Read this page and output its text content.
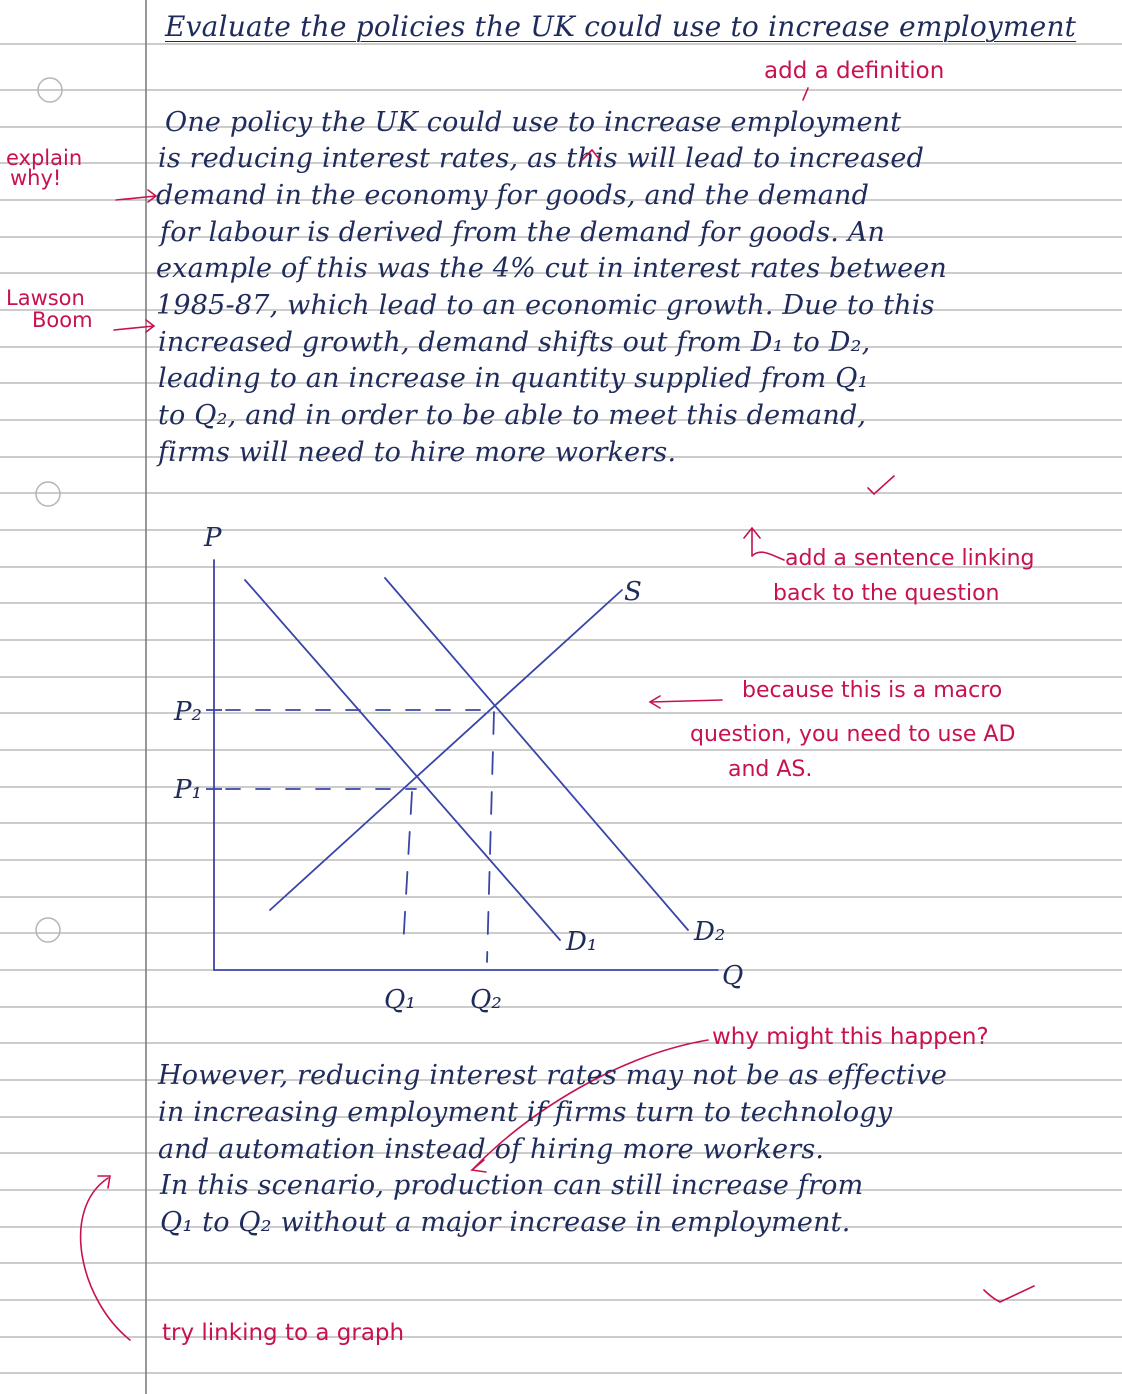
Evaluate the policies the UK could use to increase employment
One policy the UK could use to increase employment
is reducing interest rates, as this will lead to increased
demand in the economy for goods, and the demand
for labour is derived from the demand for goods. An
example of this was the 4% cut in interest rates between
1985-87, which lead to an economic growth. Due to this
increased growth, demand shifts out from D₁ to D₂,
leading to an increase in quantity supplied from Q₁
to Q₂, and in order to be able to meet this demand,
firms will need to hire more workers.
add a definition
explain
why!
Lawson
Boom
add a sentence linking
back to the question
because this is a macro
question, you need to use AD
and AS.
why might this happen?
try linking to a graph
P
Q
S
D₁	D₂
P₂
P₁
Q₁ Q₂
However, reducing interest rates may not be as effective
in increasing employment if firms turn to technology
and automation instead of hiring more workers.
In this scenario, production can still increase from
Q₁ to Q₂ without a major increase in employment.
